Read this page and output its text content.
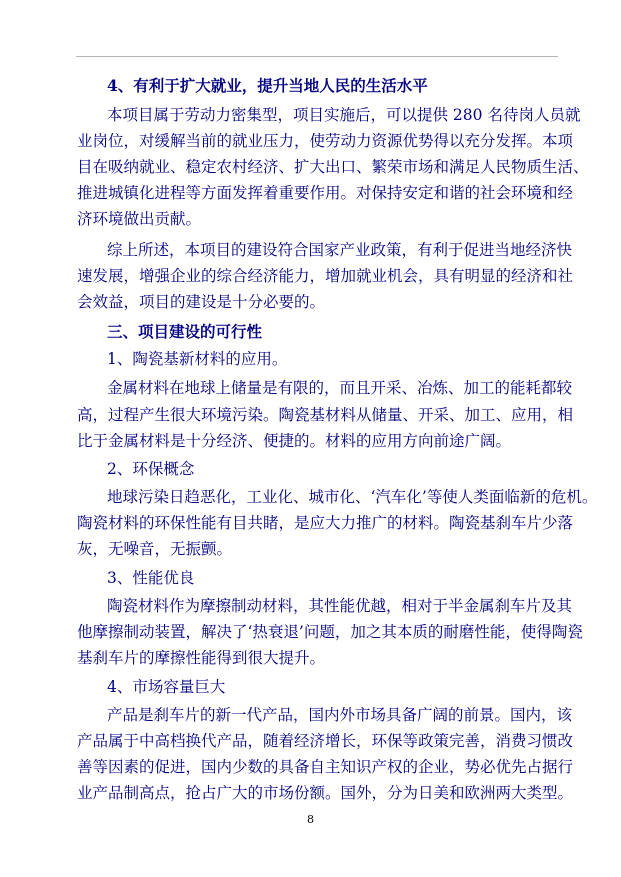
4、有利于扩大就业，提升当地人民的生活水平
本项目属于劳动力密集型，项目实施后，可以提供 280 名待岗人员就
业岗位，对缓解当前的就业压力，使劳动力资源优势得以充分发挥。本项
目在吸纳就业、稳定农村经济、扩大出口、繁荣市场和满足人民物质生活、
推进城镇化进程等方面发挥着重要作用。对保持安定和谐的社会环境和经
济环境做出贡献。
综上所述，本项目的建设符合国家产业政策，有利于促进当地经济快
速发展，增强企业的综合经济能力，增加就业机会，具有明显的经济和社
会效益，项目的建设是十分必要的。
三、项目建设的可行性
1、陶瓷基新材料的应用。
金属材料在地球上储量是有限的，而且开采、冶炼、加工的能耗都较
高，过程产生很大环境污染。陶瓷基材料从储量、开采、加工、应用，相
比于金属材料是十分经济、便捷的。材料的应用方向前途广阔。
2、环保概念
地球污染日趋恶化，工业化、城市化、‘汽车化’等使人类面临新的危机。
陶瓷材料的环保性能有目共睹，是应大力推广的材料。陶瓷基刹车片少落
灰，无噪音，无振颤。
3、性能优良
陶瓷材料作为摩擦制动材料，其性能优越，相对于半金属刹车片及其
他摩擦制动装置，解决了‘热衰退’问题，加之其本质的耐磨性能，使得陶瓷
基刹车片的摩擦性能得到很大提升。
4、市场容量巨大
产品是刹车片的新一代产品，国内外市场具备广阔的前景。国内，该
产品属于中高档换代产品，随着经济增长，环保等政策完善，消费习惯改
善等因素的促进，国内少数的具备自主知识产权的企业，势必优先占据行
业产品制高点，抢占广大的市场份额。国外，分为日美和欧洲两大类型。
8
